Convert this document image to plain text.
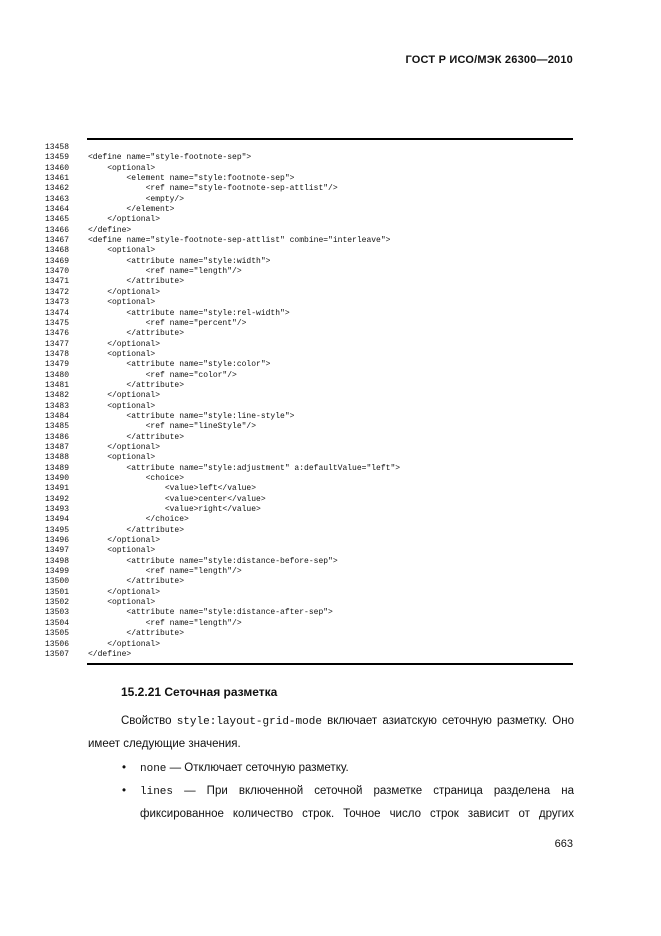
ГОСТ Р ИСО/МЭК 26300—2010
13458
13459	<define name="style-footnote-sep">
13460	<optional>
13461	<element name="style:footnote-sep">
13462	<ref name="style-footnote-sep-attlist"/>
13463	<empty/>
13464	</element>
13465	</optional>
13466	</define>
13467	<define name="style-footnote-sep-attlist" combine="interleave">
13468	<optional>
13469	<attribute name="style:width">
13470	<ref name="length"/>
13471	</attribute>
13472	</optional>
13473	<optional>
13474	<attribute name="style:rel-width">
13475	<ref name="percent"/>
13476	</attribute>
13477	</optional>
13478	<optional>
13479	<attribute name="style:color">
13480	<ref name="color"/>
13481	</attribute>
13482	</optional>
13483	<optional>
13484	<attribute name="style:line-style">
13485	<ref name="lineStyle"/>
13486	</attribute>
13487	</optional>
13488	<optional>
13489	<attribute name="style:adjustment" a:defaultValue="left">
13490	<choice>
13491	<value>left</value>
13492	<value>center</value>
13493	<value>right</value>
13494	</choice>
13495	</attribute>
13496	</optional>
13497	<optional>
13498	<attribute name="style:distance-before-sep">
13499	<ref name="length"/>
13500	</attribute>
13501	</optional>
13502	<optional>
13503	<attribute name="style:distance-after-sep">
13504	<ref name="length"/>
13505	</attribute>
13506	</optional>
13507	</define>
15.2.21 Сеточная разметка

Свойство style:layout-grid-mode включает азиатскую сеточную разметку. Оно имеет следующие значения.

• none — Отключает сеточную разметку.
• lines — При включенной сеточной разметке страница разделена на фиксированное количество строк. Точное число строк зависит от других
663
